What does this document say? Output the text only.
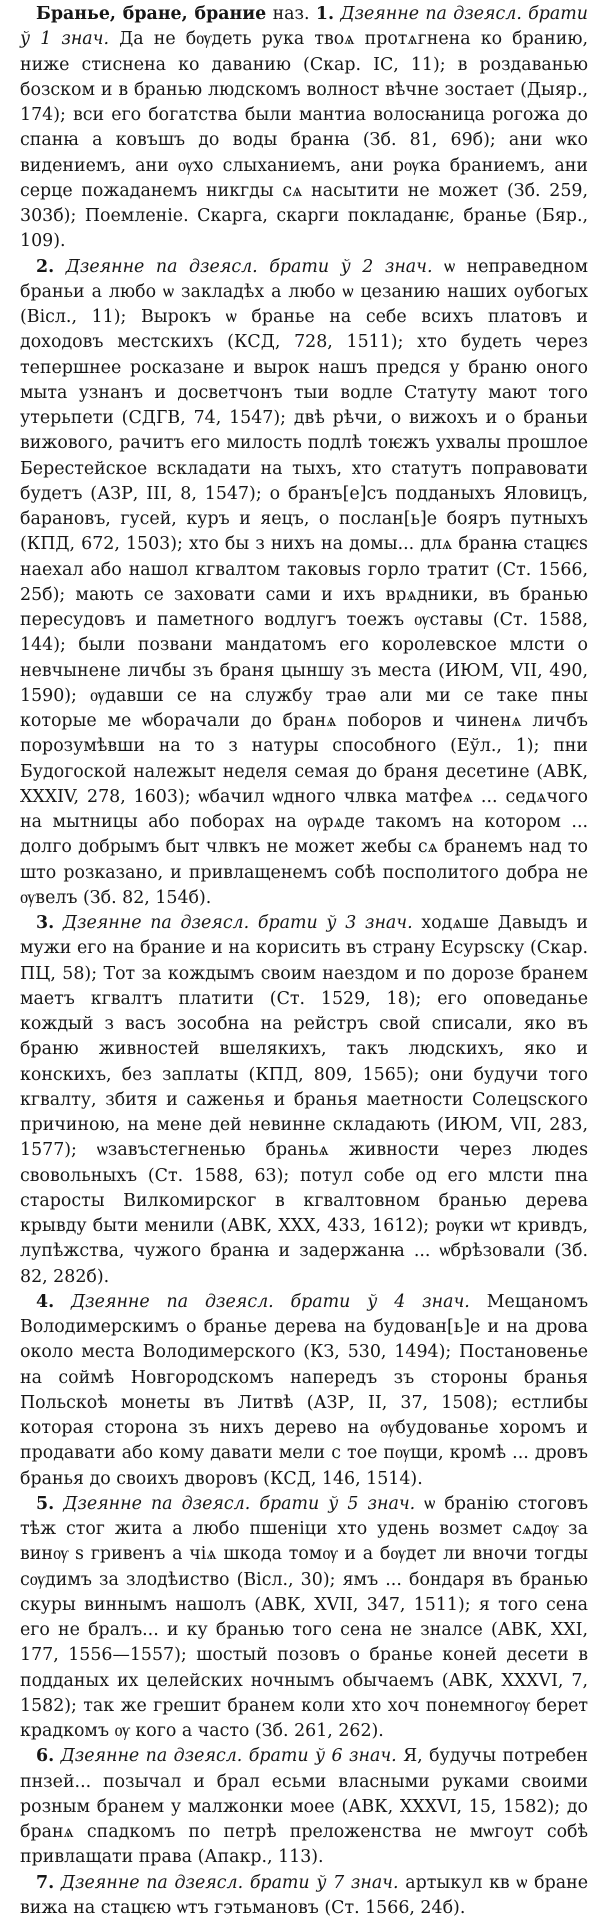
Бранье, бране, брание наз. 1. Дзеянне па дзеясл. брати ў 1 знач. Да не бѹдеть рука твоѧ протѧгнена ко бранию, ниже стиснена ко даванию (Скар. ІС, 11); в роздаванью бозском и в бранью людскомъ волност вѣчне зостает (Дыяр., 174); вси его богатства были мантиа волосꙗница рогожа до спанꙗ а ковъшъ до воды бранꙗ (Зб. 81, 69б); ани ѡко видениемъ, ани ѹхо слыханиемъ, ани рѹка браниемъ, ани серце пожаданемъ никгды сѧ насытити не может (Зб. 259, 303б); Поемленіе. Скарга, скарги покладанѥ, бранье (Бяр., 109).

2. Дзеянне па дзеясл. брати ў 2 знач. ѡ неправедном браньи а любо ѡ закладѣх а любо ѡ цезанию наших оубогых (Вісл., 11); Вырокъ ѡ бранье на себе всихъ платовъ и доходовъ местскихъ (КСД, 728, 1511); хто будеть через тепершнее росказане и вырок нашъ предся у браню оного мыта узнанъ и досветчонъ тыи водле Статуту мают того утерьпети (СДГВ, 74, 1547); двѣ рѣчи, о вижохъ и о браньи вижового, рачитъ его милость подлѣ тоѥжъ ухвалы прошлое Берестейское вскладати на тыхъ, хто статутъ поправовати будетъ (АЗР, III, 8, 1547); о бранъ[е]съ подданыхъ Яловицъ, барановъ, гусей, куръ и яецъ, о послан[ь]е бояръ путныхъ (КПД, 672, 1503); хто бы з нихъ на домы... длѧ бранꙗ стацѥѕ наехал або нашол кгвалтом таковыѕ горло тратит (Ст. 1566, 25б); мають се заховати сами и ихъ врѧдники, въ бранью пересудовъ и паметного водлугъ тоежъ ѹставы (Ст. 1588, 144); были позвани мандатомъ его королевское млсти о невчынене личбы зъ браня цыншу зъ места (ИЮМ, VII, 490, 1590); ѹдавши се на службу траѳ али ми се таке пны которые ме ѡборачали до бранѧ поборов и чиненѧ личбъ порозумѣвши на то з натуры способного (Еўл., 1); пни Будогоской належыт неделя семая до браня десетине (АВК, XXXIV, 278, 1603); ѡбачил ѡдного члвка матфеѧ ... седѧчого на мытницы або поборах на ѹрѧде такомъ на котором ... долго добрымъ быт члвкъ не может жебы сѧ бранемъ над то што розказано, и привлащенемъ собѣ посполитого добра не ѹвелъ (Зб. 82, 154б).

3. Дзеянне па дзеясл. брати ў 3 знач. ходѧше Давыдъ и мужи его на брание и на корисить въ страну Есурѕску (Скар. ПЦ, 58); Тот за кождымъ своим наездом и по дорозе бранем маетъ кгвалтъ платити (Ст. 1529, 18); его оповеданье кождый з васъ зособна на рейстръ свой списали, яко въ браню живностей вшелякихъ, такъ людскихъ, яко и конскихъ, без заплаты (КПД, 809, 1565); они будучи того кгвалту, збитя и саженья и бранья маетности Солецѕского причиною, на мене дей невинне складають (ИЮМ, VII, 283, 1577); ѡзавъстегненью браньѧ живности через людеѕ свовольныхъ (Ст. 1588, 63); потул собе од его млсти пна старосты Вилкомирског в кгвалтовном бранью дерева крывду быти менили (АВК, XXX, 433, 1612); рѹки ѡт кривдъ, лупѣжства, чужого бранꙗ и задержанꙗ ... ѡбрѣзовали (Зб. 82, 282б).

4. Дзеянне па дзеясл. брати ў 4 знач. Мещаномъ Володимерскимъ о бранье дерева на будован[ь]е и на дрова около места Володимерского (КЗ, 530, 1494); Постановенье на соймѣ Новгородскомъ напередъ зъ стороны бранья Польскоѣ монеты въ Литвѣ (АЗР, II, 37, 1508); естлибы которая сторона зъ нихъ дерево на ѹбудованье хоромъ и продавати або кому давати мели с тое пѹщи, кромѣ ... дровъ бранья до своихъ дворовъ (КСД, 146, 1514).

5. Дзеянне па дзеясл. брати ў 5 знач. ѡ бранію стоговъ тѣж стог жита а любо пшеніци хто удень возмет сѧдѹ за винѹ ѕ гривенъ а чіѧ шкода томѹ и а бѹдет ли вночи тогды сѹдимъ за злодѣиство (Вісл., 30); ямъ ... бондаря въ бранью скуры виннымъ нашолъ (АВК, XVII, 347, 1511); я того сена его не бралъ... и ку бранью того сена не зналсе (АВК, XXI, 177, 1556—1557); шостый позовъ о бранье коней десети в подданых их целейских ночнымъ обычаемъ (АВК, XXXVI, 7, 1582); так же грешит бранем коли хто хоч понемногѹ берет крадкомъ ѹ кого а часто (Зб. 261, 262).

6. Дзеянне па дзеясл. брати ў 6 знач. Я, будучы потребен пнзей... позычал и брал есьми власными руками своими розным бранем у малжонки моее (АВК, XXXVI, 15, 1582); до бранѧ спадкомъ по петрѣ преложенства не мѡгоут собѣ привлащати права (Апакр., 113).

7. Дзеянне па дзеясл. брати ў 7 знач. артыкул кв ѡ бране вижа на стацѥю ѡтъ гэтьмановъ (Ст. 1566, 24б).
